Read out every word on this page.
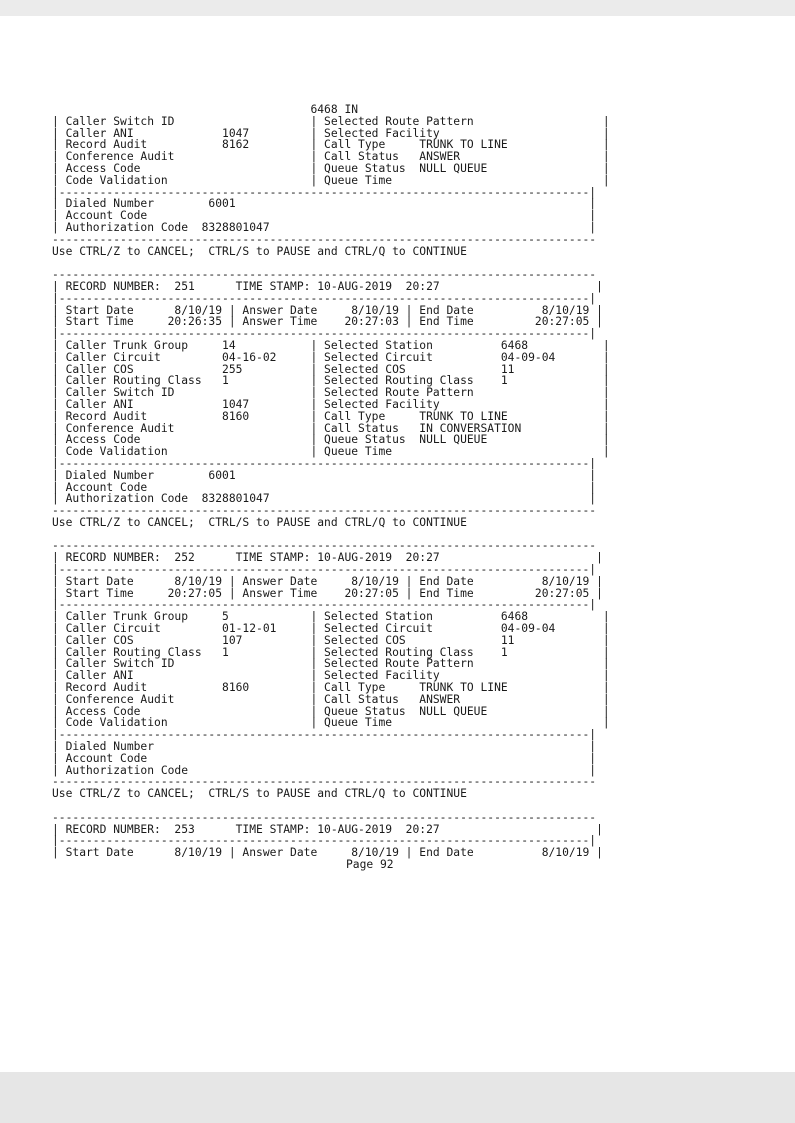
6468 IN
| Caller Switch ID                    | Selected Route Pattern                   |
| Caller ANI             1047         | Selected Facility                        |
| Record Audit           8162         | Call Type     TRUNK TO LINE              |
| Conference Audit                    | Call Status   ANSWER                     |
| Access Code                         | Queue Status  NULL QUEUE                 |
| Code Validation                     | Queue Time                               |
|------------------------------------------------------------------------------|
| Dialed Number        6001                                                    |
| Account Code                                                                 |
| Authorization Code  8328801047                                               |
--------------------------------------------------------------------------------
Use CTRL/Z to CANCEL;  CTRL/S to PAUSE and CTRL/Q to CONTINUE

--------------------------------------------------------------------------------
| RECORD NUMBER:  251      TIME STAMP: 10-AUG-2019  20:27                       |
|------------------------------------------------------------------------------|
| Start Date      8/10/19 | Answer Date     8/10/19 | End Date          8/10/19 |
| Start Time     20:26:35 | Answer Time    20:27:03 | End Time         20:27:05 |
|------------------------------------------------------------------------------|
| Caller Trunk Group     14           | Selected Station          6468           |
| Caller Circuit         04-16-02     | Selected Circuit          04-09-04       |
| Caller COS             255          | Selected COS              11             |
| Caller Routing Class   1            | Selected Routing Class    1              |
| Caller Switch ID                    | Selected Route Pattern                   |
| Caller ANI             1047         | Selected Facility                        |
| Record Audit           8160         | Call Type     TRUNK TO LINE              |
| Conference Audit                    | Call Status   IN CONVERSATION            |
| Access Code                         | Queue Status  NULL QUEUE                 |
| Code Validation                     | Queue Time                               |
|------------------------------------------------------------------------------|
| Dialed Number        6001                                                    |
| Account Code                                                                 |
| Authorization Code  8328801047                                               |
--------------------------------------------------------------------------------
Use CTRL/Z to CANCEL;  CTRL/S to PAUSE and CTRL/Q to CONTINUE

--------------------------------------------------------------------------------
| RECORD NUMBER:  252      TIME STAMP: 10-AUG-2019  20:27                       |
|------------------------------------------------------------------------------|
| Start Date      8/10/19 | Answer Date     8/10/19 | End Date          8/10/19 |
| Start Time     20:27:05 | Answer Time    20:27:05 | End Time         20:27:05 |
|------------------------------------------------------------------------------|
| Caller Trunk Group     5            | Selected Station          6468           |
| Caller Circuit         01-12-01     | Selected Circuit          04-09-04       |
| Caller COS             107          | Selected COS              11             |
| Caller Routing Class   1            | Selected Routing Class    1              |
| Caller Switch ID                    | Selected Route Pattern                   |
| Caller ANI                          | Selected Facility                        |
| Record Audit           8160         | Call Type     TRUNK TO LINE              |
| Conference Audit                    | Call Status   ANSWER                     |
| Access Code                         | Queue Status  NULL QUEUE                 |
| Code Validation                     | Queue Time                               |
|------------------------------------------------------------------------------|
| Dialed Number                                                                |
| Account Code                                                                 |
| Authorization Code                                                           |
--------------------------------------------------------------------------------
Use CTRL/Z to CANCEL;  CTRL/S to PAUSE and CTRL/Q to CONTINUE

--------------------------------------------------------------------------------
| RECORD NUMBER:  253      TIME STAMP: 10-AUG-2019  20:27                       |
|------------------------------------------------------------------------------|
| Start Date      8/10/19 | Answer Date     8/10/19 | End Date          8/10/19 |
Page 92
